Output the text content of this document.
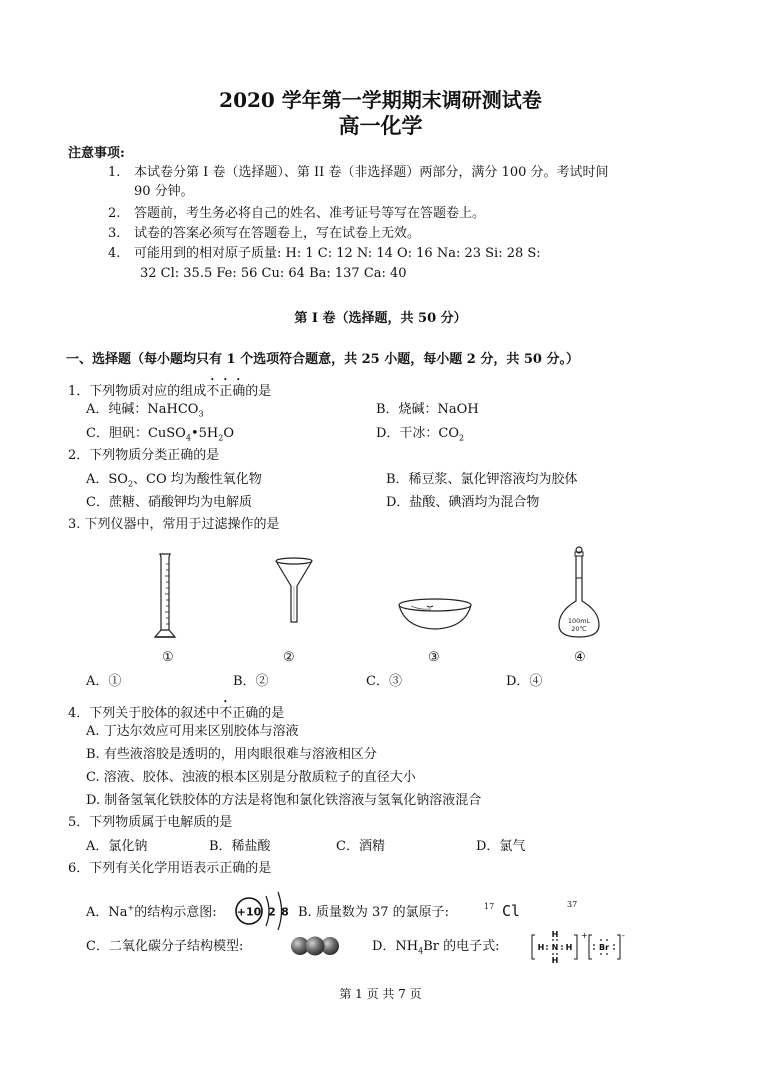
2020 学年第一学期期末调研测试卷
高一化学
注意事项:
1. 本试卷分第 I 卷（选择题）、第 II 卷（非选择题）两部分，满分 100 分。考试时间
90 分钟。
2. 答题前，考生务必将自己的姓名、准考证号等写在答题卷上。
3. 试卷的答案必须写在答题卷上，写在试卷上无效。
4. 可能用到的相对原子质量: H: 1 C: 12 N: 14 O: 16 Na: 23 Si: 28 S:
32 Cl: 35.5 Fe: 56 Cu: 64 Ba: 137 Ca: 40
第 I 卷（选择题，共 50 分）
一、选择题（每小题均只有 1 个选项符合题意，共 25 小题，每小题 2 分，共 50 分。）
1．下列物质对应的组成不正确的是
A．纯碱：NaHCO$_3$	B．烧碱：NaOH
C．胆矾：$CuSO_4•5H_2O$	D．干冰：$CO_2$
2．下列物质分类正确的是
A．$SO_2$、CO 均为酸性氧化物	B．稀豆浆、氯化钾溶液均为胶体
C．蔗糖、硝酸钾均为电解质	D．盐酸、碘酒均为混合物
3. 下列仪器中，常用于过滤操作的是
100mL
20℃
①	②	③	④
A．①	B．②	C．③	D．④
4．下列关于胶体的叙述中不正确的是
A. 丁达尔效应可用来区别胶体与溶液
B. 有些液溶胶是透明的，用肉眼很难与溶液相区分
C. 溶液、胶体、浊液的根本区别是分散质粒子的直径大小
D. 制备氢氧化铁胶体的方法是将饱和氯化铁溶液与氢氧化钠溶液混合
5．下列物质属于电解质的是
A．氯化钠	B．稀盐酸	C．酒精	D．氯气
6．下列有关化学用语表示正确的是
A．Na+的结构示意图: +10 2 8 B. 质量数为 37 的氯原子:	17 Cl	37
C．二氧化碳分子结构模型:	D．$NH_4Br$ 的电子式:
H
H N H
H
+
Br
-
第 1 页 共 7 页
